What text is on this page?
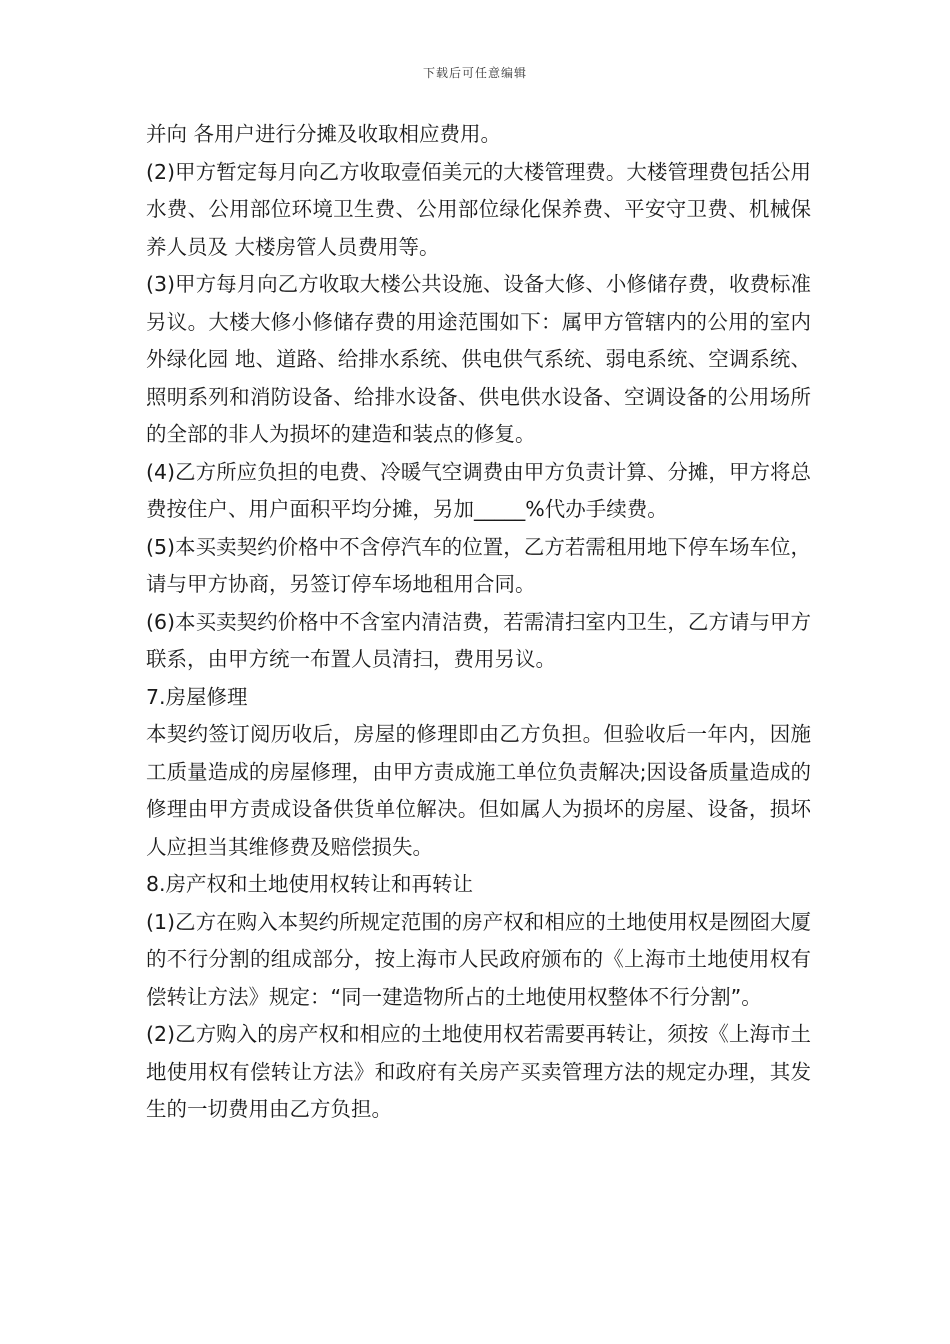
下载后可任意编辑

并向 各用户进行分摊及收取相应费用。

(2)甲方暂定每月向乙方收取壹佰美元的大楼管理费。大楼管理费包括公用 水费、公用部位环境卫生费、公用部位绿化保养费、平安守卫费、机械保养人员及 大楼房管人员费用等。

(3)甲方每月向乙方收取大楼公共设施、设备大修、小修储存费，收费标准 另议。大楼大修小修储存费的用途范围如下：属甲方管辖内的公用的室内外绿化园 地、道路、给排水系统、供电供气系统、弱电系统、空调系统、照明系列和消防设备、给排水设备、供电供水设备、空调设备的公用场所的全部的非人为损坏的建造和装点的修复。

(4)乙方所应负担的电费、冷暖气空调费由甲方负责计算、分摊，甲方将总费按住户、用户面积平均分摊，另加_____%代办手续费。

(5)本买卖契约价格中不含停汽车的位置，乙方若需租用地下停车场车位，请与甲方协商，另签订停车场地租用合同。

(6)本买卖契约价格中不含室内清洁费，若需清扫室内卫生，乙方请与甲方 联系，由甲方统一布置人员清扫，费用另议。

7.房屋修理

本契约签订阅历收后，房屋的修理即由乙方负担。但验收后一年内，因施工质量造成的房屋修理，由甲方责成施工单位负责解决;因设备质量造成的修理由甲方责成设备供货单位解决。但如属人为损坏的房屋、设备，损坏人应担当其维修费及赔偿损失。

8.房产权和土地使用权转让和再转让

(1)乙方在购入本契约所规定范围的房产权和相应的土地使用权是囫囵大厦的不行分割的组成部分，按上海市人民政府颁布的《上海市土地使用权有偿转让方法》规定：“同一建造物所占的土地使用权整体不行分割”。

(2)乙方购入的房产权和相应的土地使用权若需要再转让，须按《上海市土地使用权有偿转让方法》和政府有关房产买卖管理方法的规定办理，其发生的一切费用由乙方负担。
